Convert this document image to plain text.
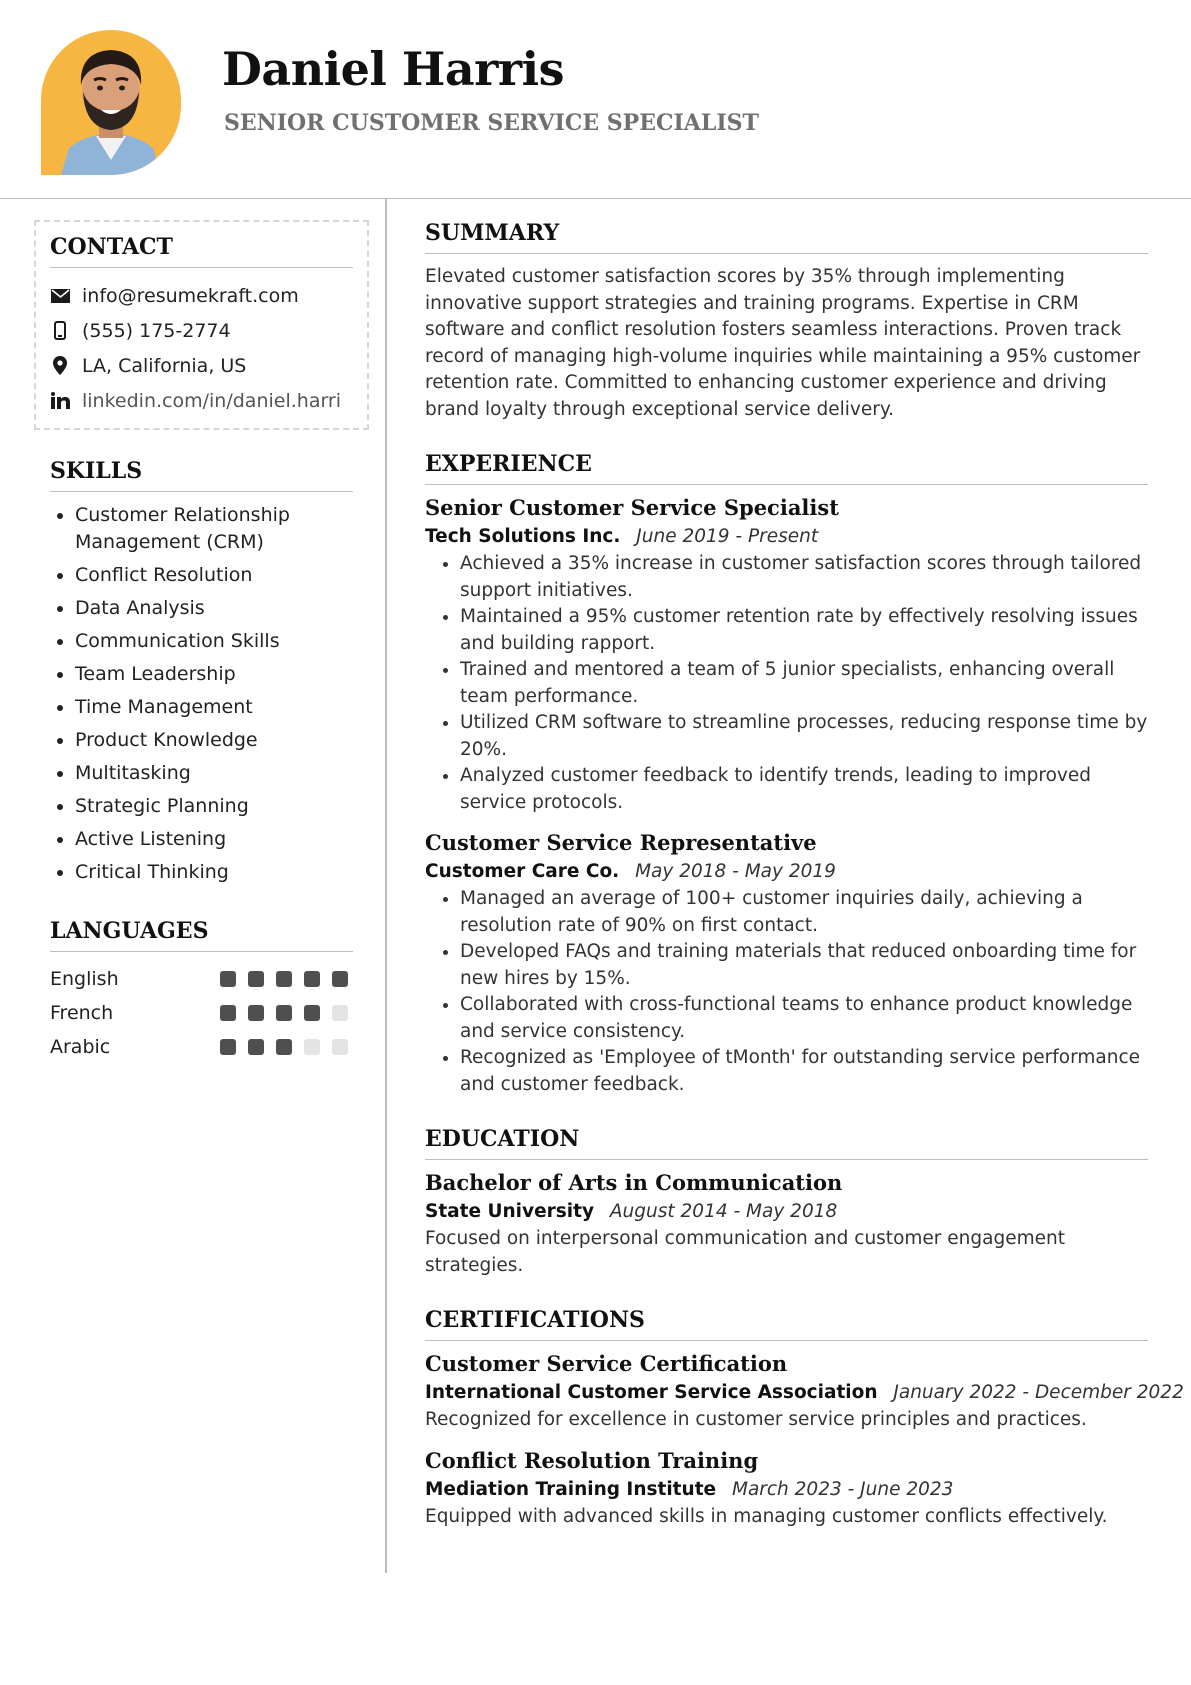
Daniel Harris
SENIOR CUSTOMER SERVICE SPECIALIST
CONTACT
info@resumekraft.com
(555) 175-2774
LA, California, US
linkedin.com/in/daniel.harri
SKILLS
• Customer Relationship Management (CRM)
• Conflict Resolution
• Data Analysis
• Communication Skills
• Team Leadership
• Time Management
• Product Knowledge
• Multitasking
• Strategic Planning
• Active Listening
• Critical Thinking
LANGUAGES
English
French
Arabic
SUMMARY
Elevated customer satisfaction scores by 35% through implementing innovative support strategies and training programs. Expertise in CRM software and conflict resolution fosters seamless interactions. Proven track record of managing high-volume inquiries while maintaining a 95% customer retention rate. Committed to enhancing customer experience and driving brand loyalty through exceptional service delivery.
EXPERIENCE
Senior Customer Service Specialist
Tech Solutions Inc. June 2019 - Present
• Achieved a 35% increase in customer satisfaction scores through tailored support initiatives.
• Maintained a 95% customer retention rate by effectively resolving issues and building rapport.
• Trained and mentored a team of 5 junior specialists, enhancing overall team performance.
• Utilized CRM software to streamline processes, reducing response time by 20%.
• Analyzed customer feedback to identify trends, leading to improved service protocols.
Customer Service Representative
Customer Care Co. May 2018 - May 2019
• Managed an average of 100+ customer inquiries daily, achieving a resolution rate of 90% on first contact.
• Developed FAQs and training materials that reduced onboarding time for new hires by 15%.
• Collaborated with cross-functional teams to enhance product knowledge and service consistency.
• Recognized as 'Employee of tMonth' for outstanding service performance and customer feedback.
EDUCATION
Bachelor of Arts in Communication
State University August 2014 - May 2018
Focused on interpersonal communication and customer engagement strategies.
CERTIFICATIONS
Customer Service Certification
International Customer Service Association January 2022 - December 2022
Recognized for excellence in customer service principles and practices.
Conflict Resolution Training
Mediation Training Institute March 2023 - June 2023
Equipped with advanced skills in managing customer conflicts effectively.
